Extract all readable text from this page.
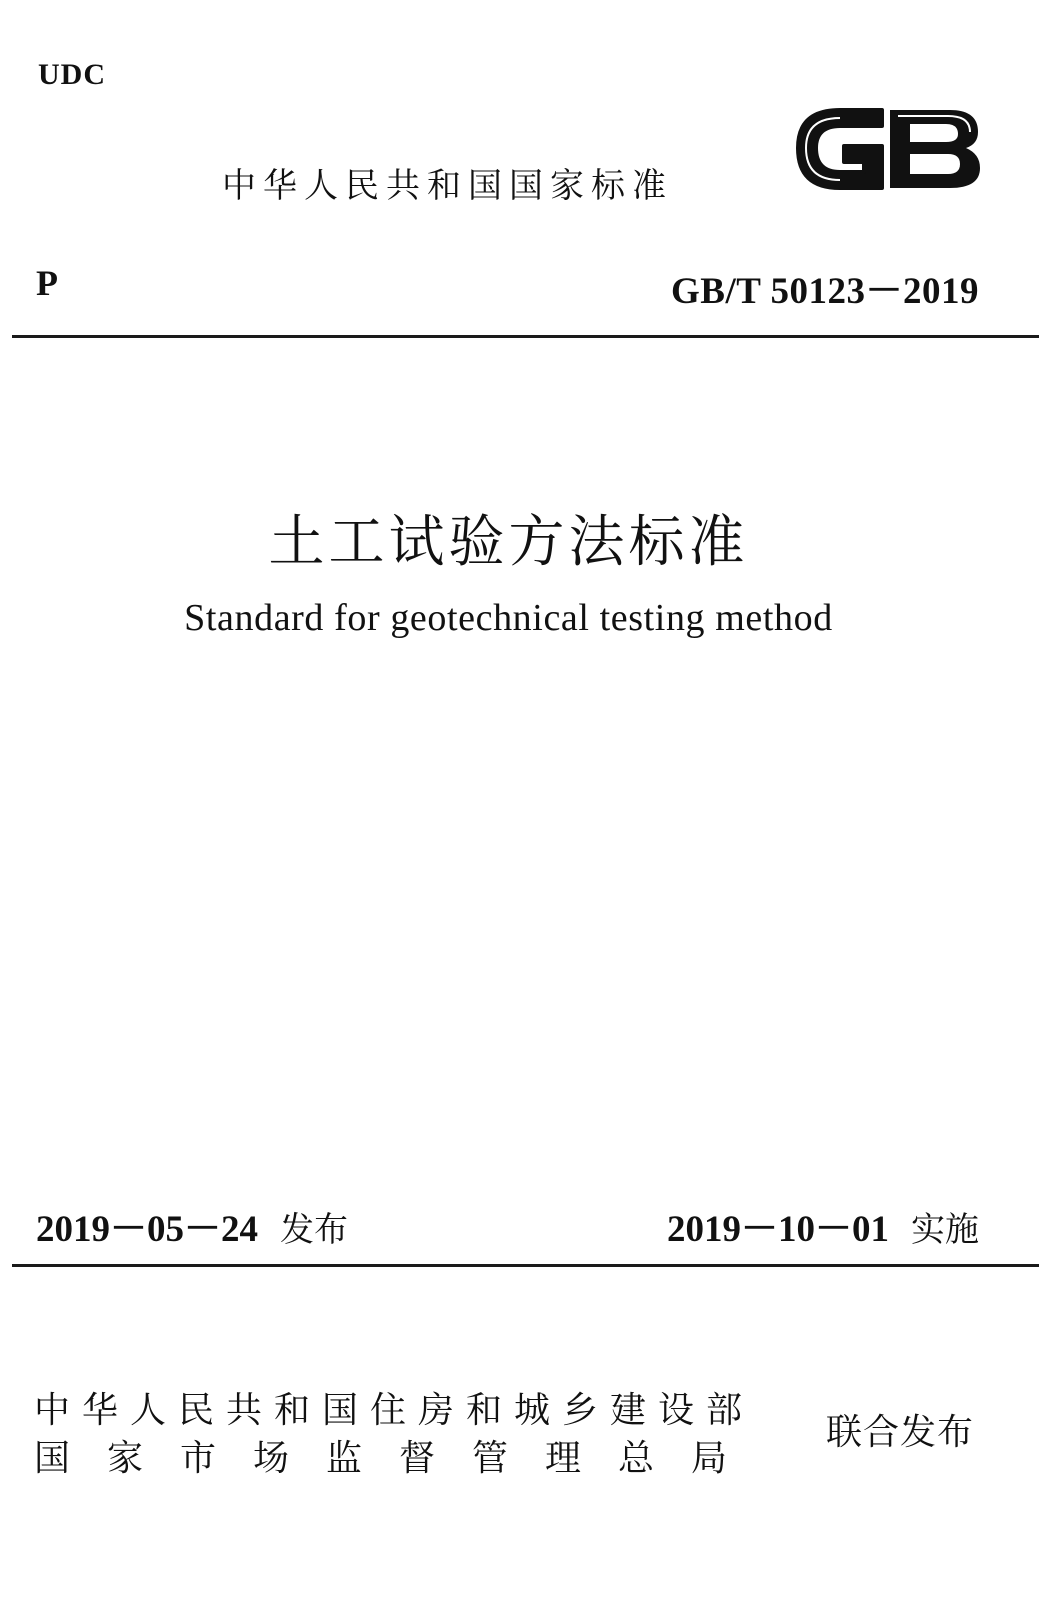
UDC
中华人民共和国国家标准
P	GB/T 50123－2019
土工试验方法标准
Standard for geotechnical testing method
2019－05－24 发布	2019－10－01 实施
中华人民共和国住房和城乡建设部
国家市场监督管理总局
联合发布
